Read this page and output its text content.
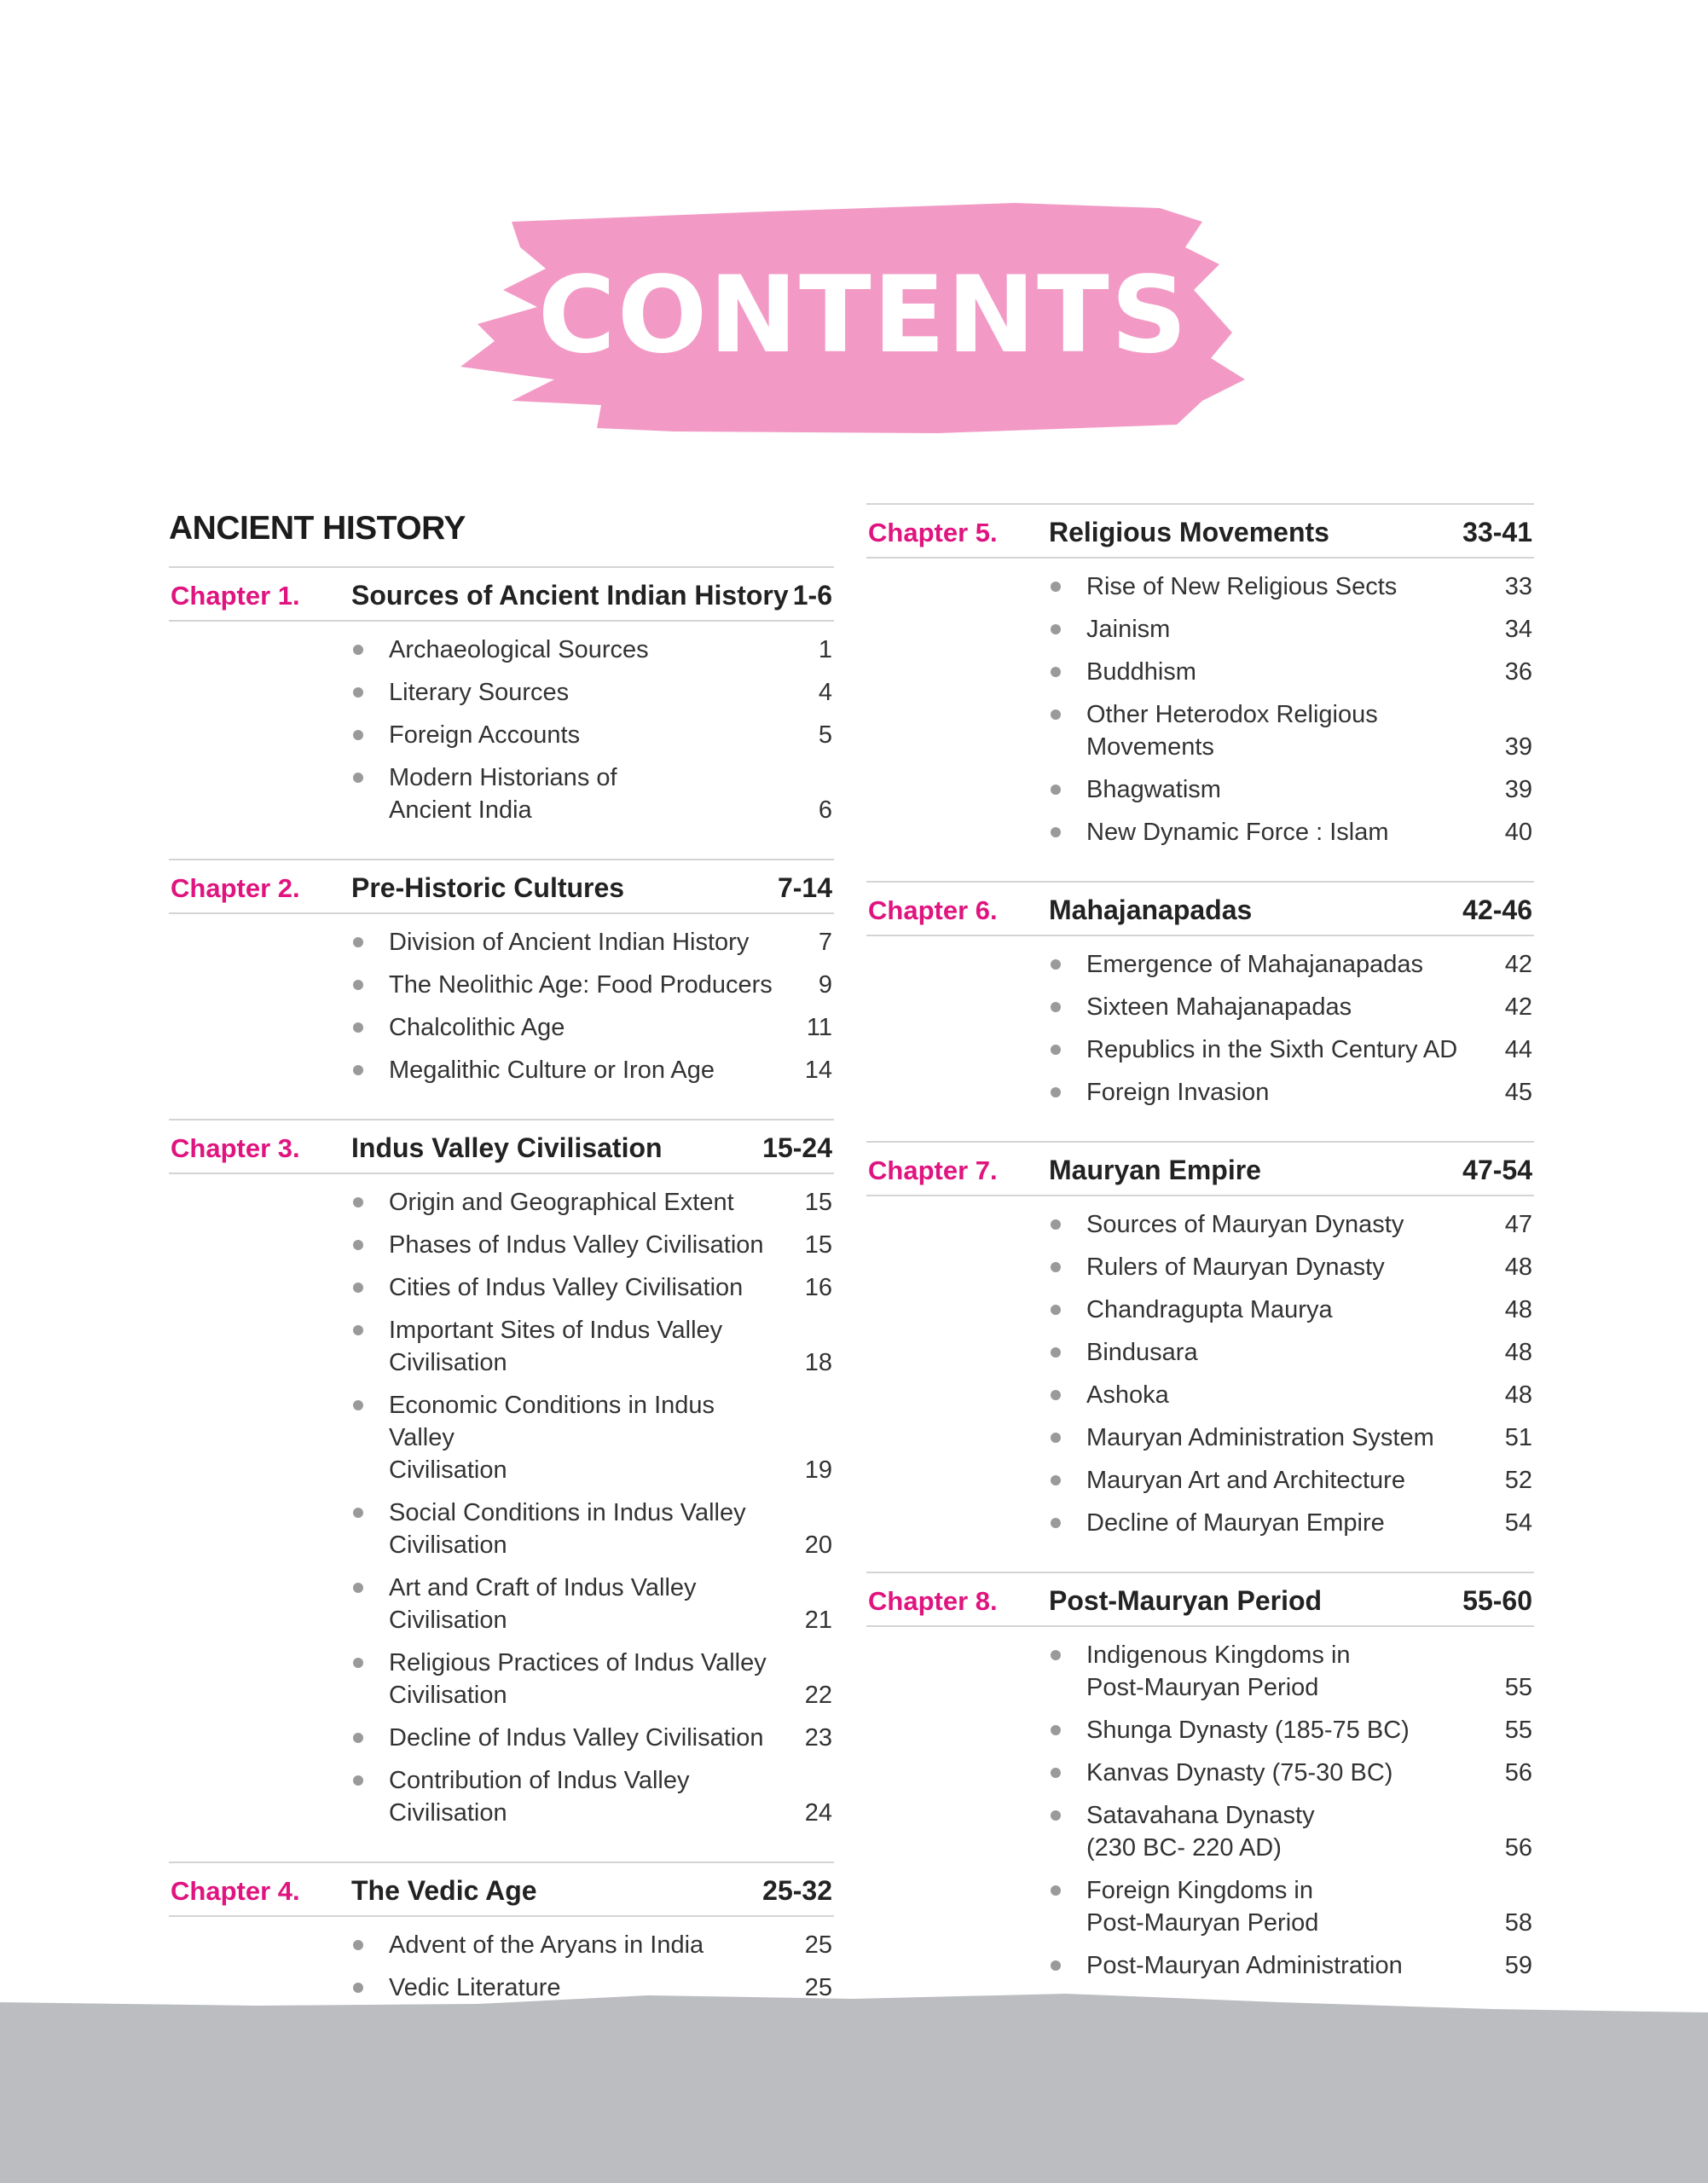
CONTENTS
ANCIENT HISTORY
Chapter 1.	Sources of Ancient Indian History 1-6
Archaeological Sources	1
Literary Sources	4
Foreign Accounts	5
Modern Historians of
Ancient India	6
Chapter 2.	Pre-Historic Cultures	7-14
Division of Ancient Indian History	7
The Neolithic Age: Food Producers	9
Chalcolithic Age	11
Megalithic Culture or Iron Age	14
Chapter 3.	Indus Valley Civilisation	15-24
Origin and Geographical Extent	15
Phases of Indus Valley Civilisation	15
Cities of Indus Valley Civilisation	16
Important Sites of Indus Valley
Civilisation	18
Economic Conditions in Indus Valley
Civilisation	19
Social Conditions in Indus Valley
Civilisation	20
Art and Craft of Indus Valley
Civilisation	21
Religious Practices of Indus Valley
Civilisation	22
Decline of Indus Valley Civilisation	23
Contribution of Indus Valley
Civilisation	24
Chapter 4.	The Vedic Age	25-32
Advent of the Aryans in India	25
Vedic Literature	25
Chapter 5.	Religious Movements	33-41
Rise of New Religious Sects	33
Jainism	34
Buddhism	36
Other Heterodox Religious
Movements	39
Bhagwatism	39
New Dynamic Force : Islam	40
Chapter 6.	Mahajanapadas	42-46
Emergence of Mahajanapadas	42
Sixteen Mahajanapadas	42
Republics in the Sixth Century AD	44
Foreign Invasion	45
Chapter 7.	Mauryan Empire	47-54
Sources of Mauryan Dynasty	47
Rulers of Mauryan Dynasty	48
Chandragupta Maurya	48
Bindusara	48
Ashoka	48
Mauryan Administration System	51
Mauryan Art and Architecture	52
Decline of Mauryan Empire	54
Chapter 8.	Post-Mauryan Period	55-60
Indigenous Kingdoms in
Post-Mauryan Period	55
Shunga Dynasty (185-75 BC)	55
Kanvas Dynasty (75-30 BC)	56
Satavahana Dynasty
(230 BC- 220 AD)	56
Foreign Kingdoms in
Post-Mauryan Period	58
Post-Mauryan Administration	59
